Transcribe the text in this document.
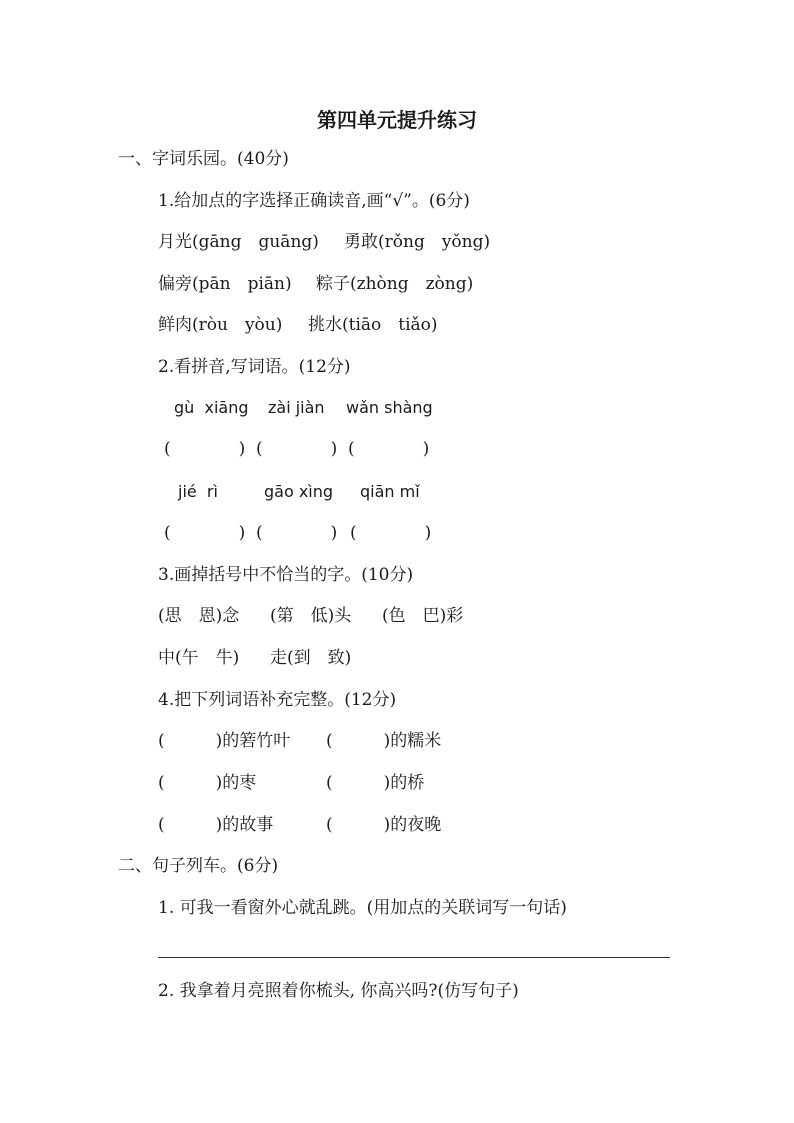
第四单元提升练习
一、字词乐园。(40分)
1.给加点的字选择正确读音,画“√”。(6分)
月光(gāng　guāng) 勇敢(rǒng　yǒng)
偏旁(pān　piān) 粽子(zhòng　zòng)
鲜肉(ròu　yòu) 挑水(tiāo　tiǎo)
2.看拼音,写词语。(12分)
gù  xiāng zài jiàn wǎn shàng
(　　　　) (　　　　) (　　　　)
jié  rì	gāo xìng qiān mǐ
(　　　　) (　　　　) (　　　　)
3.画掉括号中不恰当的字。(10分)
(思　恩)念 (第　低)头 (色　巴)彩
中(午　牛) 走(到　致)
4.把下列词语补充完整。(12分)
(　　　)的箬竹叶 (　　　)的糯米
(　　　)的枣	(　　　)的桥
(　　　)的故事	(　　　)的夜晚
二、句子列车。(6分)
1. 可我一看窗外心就乱跳。(用加点的关联词写一句话)
2. 我拿着月亮照着你梳头, 你高兴吗?(仿写句子)
